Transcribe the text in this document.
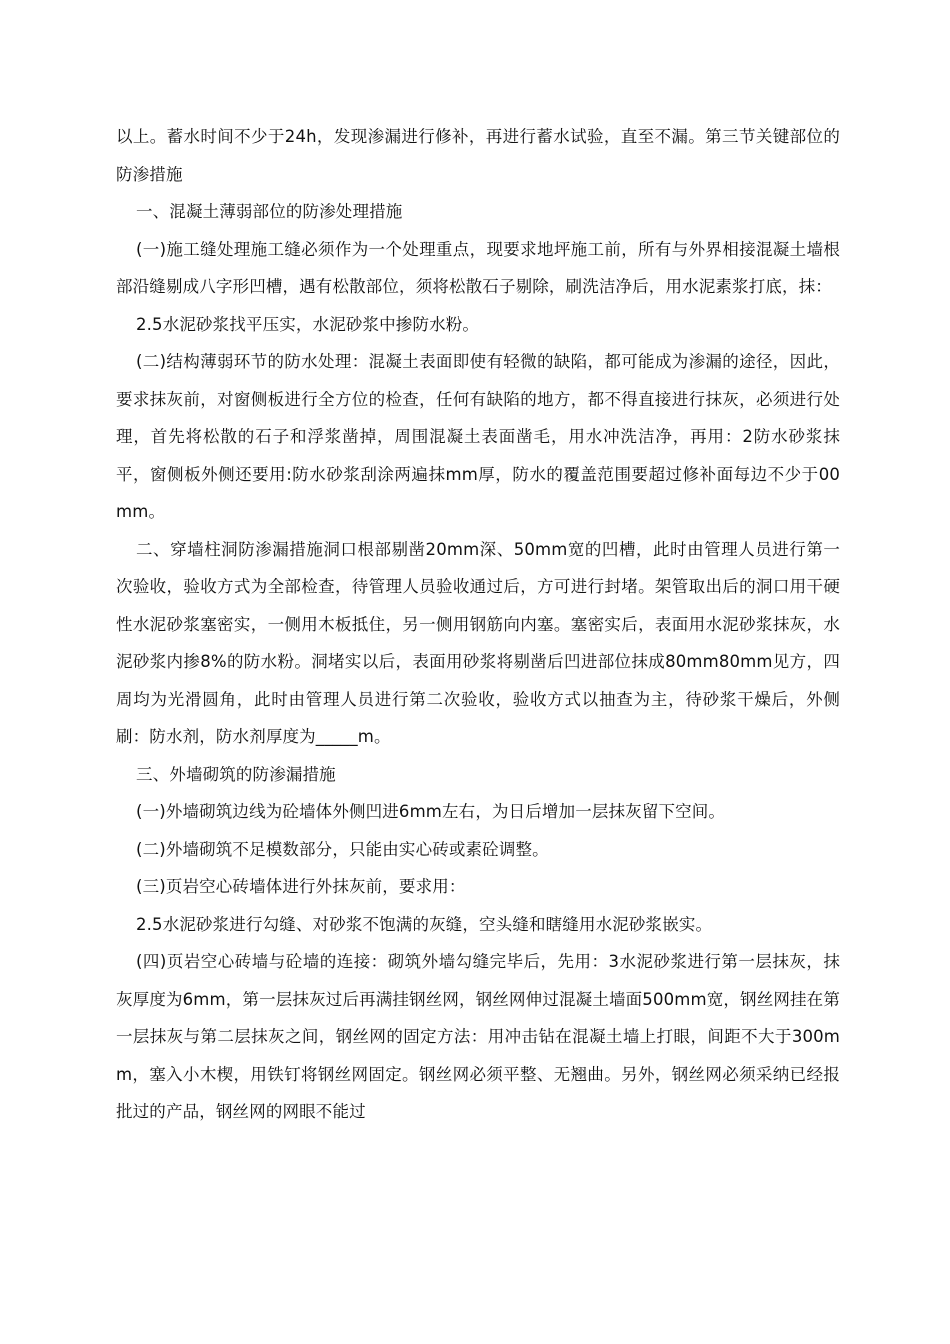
以上。蓄水时间不少于24h，发现渗漏进行修补，再进行蓄水试验，直至不漏。第三节关键部位的防渗措施

一、混凝土薄弱部位的防渗处理措施

(一)施工缝处理施工缝必须作为一个处理重点，现要求地坪施工前，所有与外界相接混凝土墙根部沿缝剔成八字形凹槽，遇有松散部位，须将松散石子剔除，刷洗洁净后，用水泥素浆打底，抹：

2.5水泥砂浆找平压实，水泥砂浆中掺防水粉。

(二)结构薄弱环节的防水处理：混凝土表面即使有轻微的缺陷，都可能成为渗漏的途径，因此，要求抹灰前，对窗侧板进行全方位的检查，任何有缺陷的地方，都不得直接进行抹灰，必须进行处理，首先将松散的石子和浮浆凿掉，周围混凝土表面凿毛，用水冲洗洁净，再用：2防水砂浆抹平，窗侧板外侧还要用:防水砂浆刮涂两遍抹mm厚，防水的覆盖范围要超过修补面每边不少于00mm。

二、穿墙柱洞防渗漏措施洞口根部剔凿20mm深、50mm宽的凹槽，此时由管理人员进行第一次验收，验收方式为全部检查，待管理人员验收通过后，方可进行封堵。架管取出后的洞口用干硬性水泥砂浆塞密实，一侧用木板抵住，另一侧用钢筋向内塞。塞密实后，表面用水泥砂浆抹灰，水泥砂浆内掺8%的防水粉。洞堵实以后，表面用砂浆将剔凿后凹进部位抹成80mm80mm见方，四周均为光滑圆角，此时由管理人员进行第二次验收，验收方式以抽查为主，待砂浆干燥后，外侧刷：防水剂，防水剂厚度为_____m。

三、外墙砌筑的防渗漏措施

(一)外墙砌筑边线为砼墙体外侧凹进6mm左右，为日后增加一层抹灰留下空间。

(二)外墙砌筑不足模数部分，只能由实心砖或素砼调整。

(三)页岩空心砖墙体进行外抹灰前，要求用：

2.5水泥砂浆进行勾缝、对砂浆不饱满的灰缝，空头缝和瞎缝用水泥砂浆嵌实。

(四)页岩空心砖墙与砼墙的连接：砌筑外墙勾缝完毕后，先用：3水泥砂浆进行第一层抹灰，抹灰厚度为6mm，第一层抹灰过后再满挂钢丝网，钢丝网伸过混凝土墙面500mm宽，钢丝网挂在第一层抹灰与第二层抹灰之间，钢丝网的固定方法：用冲击钻在混凝土墙上打眼，间距不大于300mm，塞入小木楔，用铁钉将钢丝网固定。钢丝网必须平整、无翘曲。另外，钢丝网必须采纳已经报批过的产品，钢丝网的网眼不能过
